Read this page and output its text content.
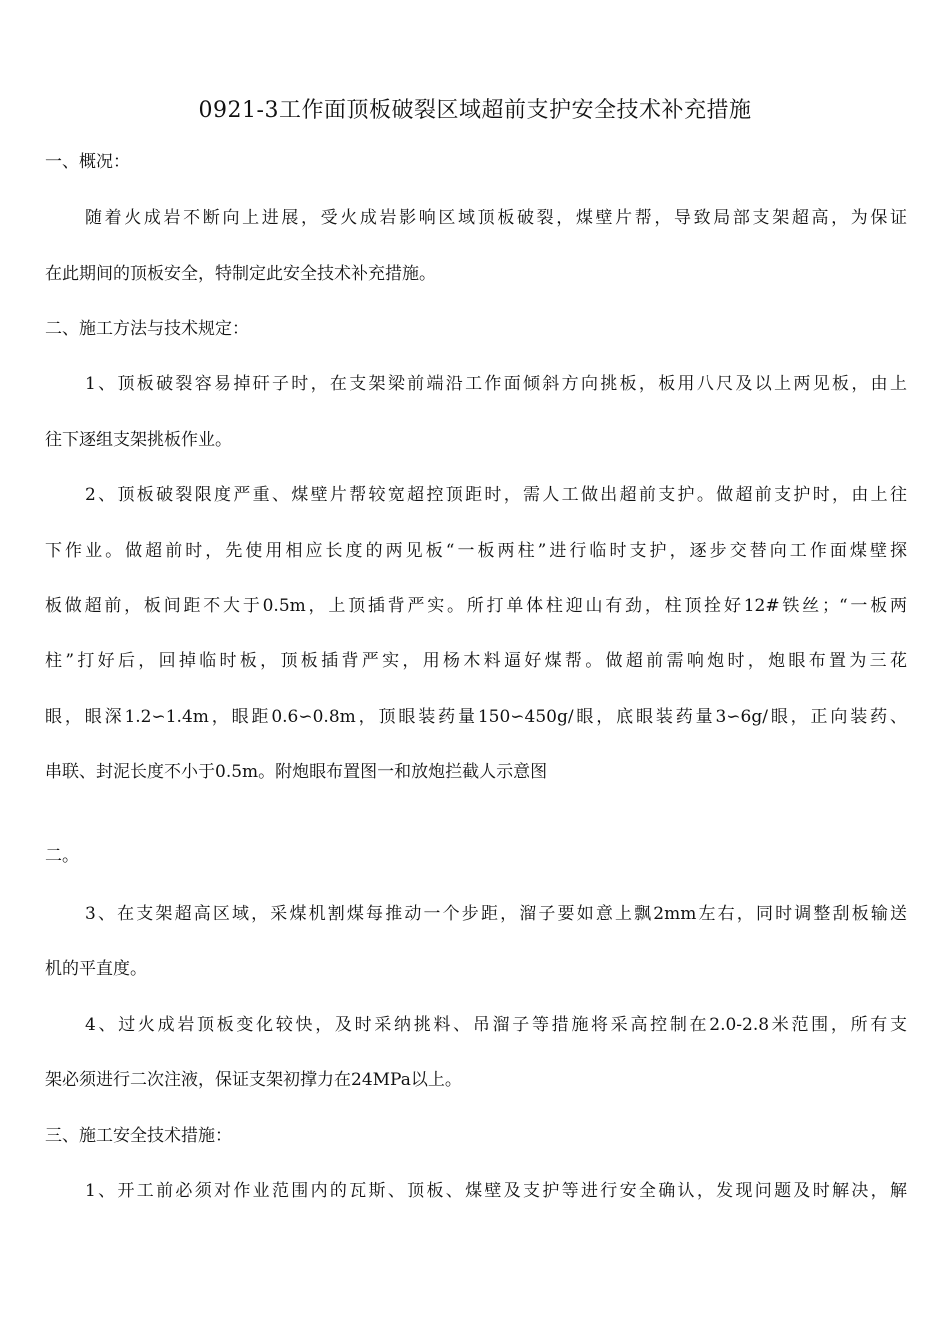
0921-3工作面顶板破裂区域超前支护安全技术补充措施
一、概况：
随着火成岩不断向上进展，受火成岩影响区域顶板破裂，煤壁片帮，导致局部支架超高，为保证
在此期间的顶板安全，特制定此安全技术补充措施。
二、施工方法与技术规定：
1、顶板破裂容易掉矸子时，在支架梁前端沿工作面倾斜方向挑板，板用八尺及以上两见板，由上
往下逐组支架挑板作业。
2、顶板破裂限度严重、煤壁片帮较宽超控顶距时，需人工做出超前支护。做超前支护时，由上往
下作业。做超前时，先使用相应长度的两见板“一板两柱”进行临时支护，逐步交替向工作面煤壁探
板做超前，板间距不大于0.5m，上顶插背严实。所打单体柱迎山有劲，柱顶拴好12#铁丝；“一板两
柱”打好后，回掉临时板，顶板插背严实，用杨木料逼好煤帮。做超前需响炮时，炮眼布置为三花
眼，眼深1.2∽1.4m，眼距0.6∽0.8m，顶眼装药量150∽450g/眼，底眼装药量3∽6g/眼，正向装药、
串联、封泥长度不小于0.5m。附炮眼布置图一和放炮拦截人示意图
二。
3、在支架超高区域，采煤机割煤每推动一个步距，溜子要如意上飘2mm左右，同时调整刮板输送
机的平直度。
4、过火成岩顶板变化较快，及时采纳挑料、吊溜子等措施将采高控制在2.0-2.8米范围，所有支
架必须进行二次注液，保证支架初撑力在24MPa以上。
三、施工安全技术措施：
1、开工前必须对作业范围内的瓦斯、顶板、煤壁及支护等进行安全确认，发现问题及时解决，解
